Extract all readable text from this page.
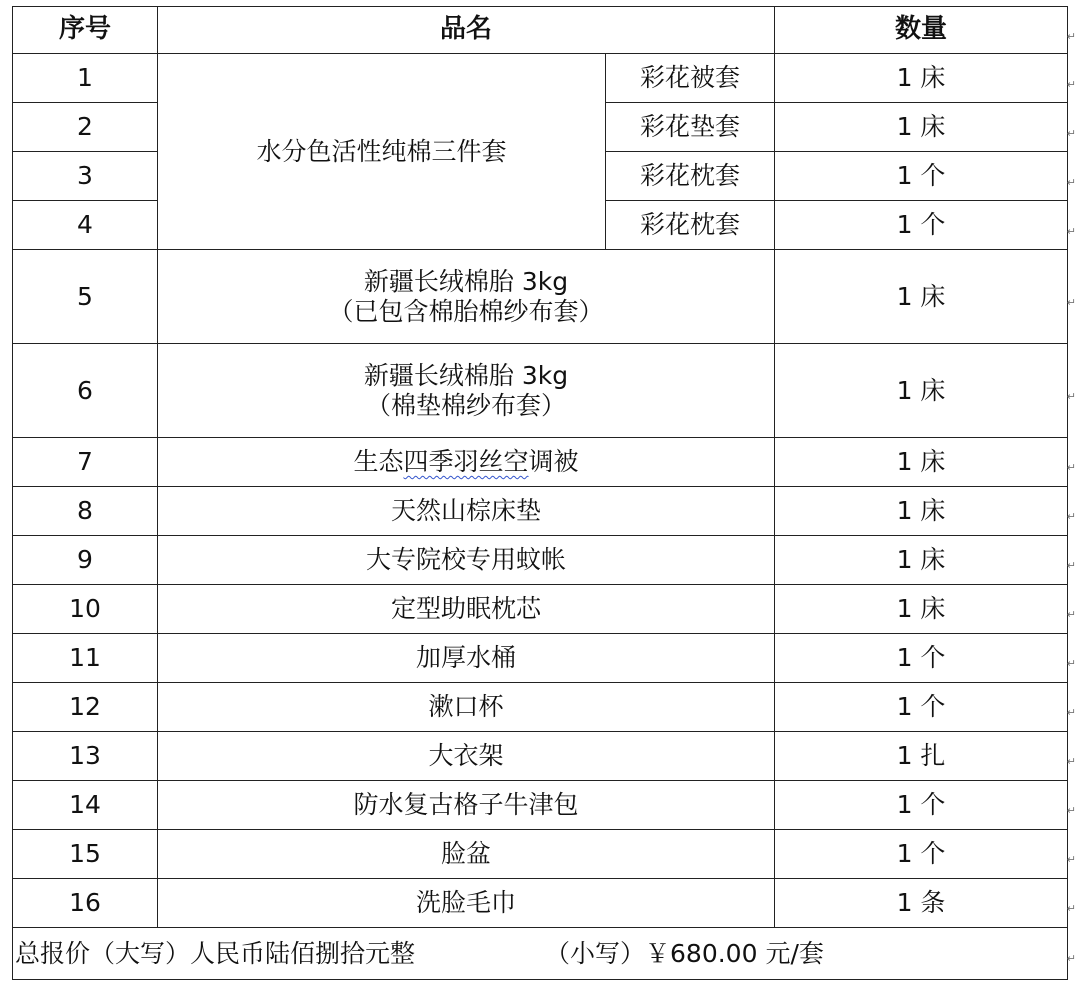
序号	品名		数量
1	水分色活性纯棉三件套	彩花被套	1 床
2		彩花垫套	1 床
3		彩花枕套	1 个
4		彩花枕套	1 个
5	新疆长绒棉胎 3kg
（已包含棉胎棉纱布套）		1 床
6	新疆长绒棉胎 3kg
（棉垫棉纱布套）		1 床
7	生态四季羽丝空调被		1 床
8	天然山棕床垫		1 床
9	大专院校专用蚊帐		1 床
10	定型助眠枕芯		1 床
11	加厚水桶		1 个
12	漱口杯		1 个
13	大衣架		1 扎
14	防水复古格子牛津包		1 个
15	脸盆		1 个
16	洗脸毛巾		1 条
总报价（大写）人民币陆佰捌拾元整 （小写）￥680.00 元/套			
↵
↵
↵
↵
↵
↵
↵
↵
↵
↵
↵
↵
↵
↵
↵
↵
↵
↵
